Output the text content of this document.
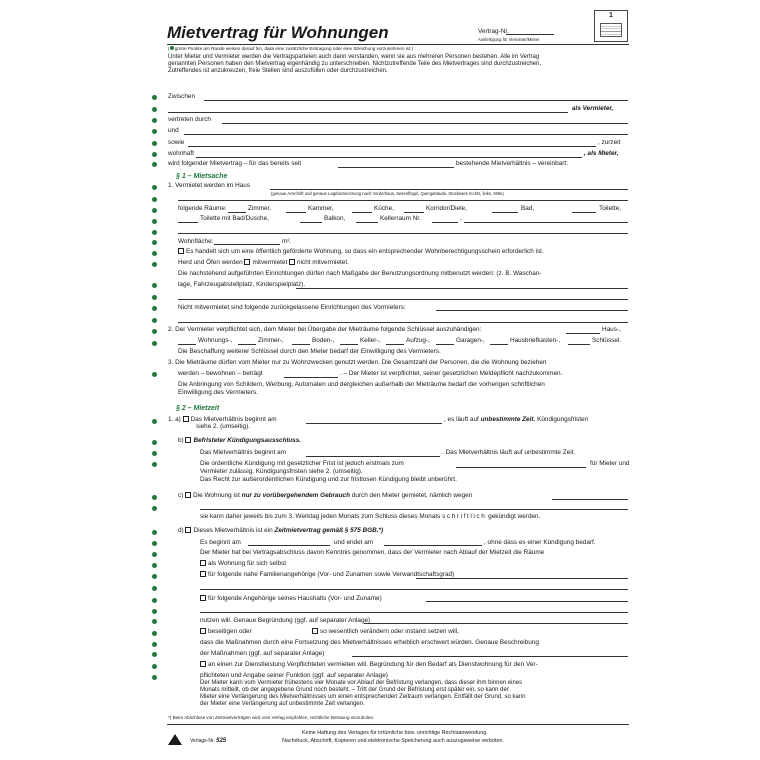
Mietvertrag für Wohnungen	Vertrag-Nr.
Ausfertigung für Vermieter/Mieter
1
( grüne Punkte am Rande weisen darauf hin, dass eine zusätzliche Eintragung oder eine Streichung vorzunehmen ist.)
Unter Mieter und Vermieter werden die Vertragsparteien auch dann verstanden, wenn sie aus mehreren Personen bestehen. Alle im Vertrag
genannten Personen haben den Mietvertrag eigenhändig zu unterschreiben. Nichtzutreffende Teile des Mietvertrages sind durchzustreichen,
Zutreffendes ist anzukreuzen, freie Stellen sind auszufüllen oder durchzustreichen.
Zwischen
als Vermieter,
vertreten durch
und
sowie	, zurzeit
wohnhaft	, als Mieter,
wird folgender Mietvertrag – für das bereits seit	bestehende Mietverhältnis – vereinbart:
§ 1 – Mietsache
1. Vermietet werden im Haus
(genaue Anschrift und genaue Lagebezeichnung nach Vorderhaus, Seitenflügel, Quergebäude, Stockwerk rechts, links, Mitte)
folgende Räume:	Zimmer,	Kammer,	Küche,	Korridor/Diele,	Bad,	Toilette,
Toilette mit Bad/Dusche,	Balkon,	Kellerraum Nr.	,
Wohnfläche:	m².
Es handelt sich um eine öffentlich geförderte Wohnung, so dass ein entsprechender Wohnberechtigungsschein erforderlich ist.
Herd und Öfen werden mitvermietet nicht mitvermietet.
Die nachstehend aufgeführten Einrichtungen dürfen nach Maßgabe der Benutzungsordnung mitbenutzt werden: (z. B. Waschan-
lage, Fahrzeugabstellplatz, Kinderspielplatz).
Nicht mitvermietet sind folgende zurückgelassene Einrichtungen des Vormieters:
2. Der Vermieter verpflichtet sich, dem Mieter bei Übergabe der Mieträume folgende Schlüssel auszuhändigen:	Haus-,
Wohnungs-,	Zimmer-,	Boden-,	Keller-,	Aufzug-,	Garagen-,	Hausbriefkasten-,	Schlüssel.
Die Beschaffung weiterer Schlüssel durch den Mieter bedarf der Einwilligung des Vermieters.
3. Die Mieträume dürfen vom Mieter nur zu Wohnzwecken genutzt werden. Die Gesamtzahl der Personen, die die Wohnung beziehen
werden – bewohnen – beträgt	. – Der Mieter ist verpflichtet, seiner gesetzlichen Meldepflicht nachzukommen.
Die Anbringung von Schildern, Werbung, Automaten und dergleichen außerhalb der Mieträume bedarf der vorherigen schriftlichen
Einwilligung des Vermieters.
§ 2 – Mietzeit
1. a) Das Mietverhältnis beginnt am	, es läuft auf unbestimmte Zeit. Kündigungsfristen
siehe 2. (umseitig).
b) Befristeter Kündigungsausschluss.
Das Mietverhältnis beginnt am	. Das Mietverhältnis läuft auf unbestimmte Zeit.
Die ordentliche Kündigung mit gesetzlicher Frist ist jedoch erstmals zum	für Mieter und
Vermieter zulässig. Kündigungsfristen siehe 2. (umseitig).
Das Recht zur außerordentlichen Kündigung und zur fristlosen Kündigung bleibt unberührt.
c) Die Wohnung ist nur zu vorübergehendem Gebrauch durch den Mieter gemietet, nämlich wegen
sie kann daher jeweils bis zum 3. Werktag jeden Monats zum Schluss dieses Monats schriftlich gekündigt werden.
d) Dieses Mietverhältnis ist ein Zeitmietvertrag gemäß § 575 BGB.*)
Es beginnt am	und endet am	, ohne dass es einer Kündigung bedarf.
Der Mieter hat bei Vertragsabschluss davon Kenntnis genommen, dass der Vermieter nach Ablauf der Mietzeit die Räume
als Wohnung für sich selbst
für folgende nahe Familienangehörige (Vor- und Zunamen sowie Verwandtschaftsgrad)
für folgende Angehörige seines Haushalts (Vor- und Zuname)
nutzen will. Genaue Begründung (ggf. auf separater Anlage)
beseitigen oder	so wesentlich verändern oder instand setzen will,
dass die Maßnahmen durch eine Fortsetzung des Mietverhältnisses erheblich erschwert würden. Genaue Beschreibung
der Maßnahmen (ggf. auf separater Anlage)
an einen zur Dienstleistung Verpflichteten vermieten will. Begründung für den Bedarf als Dienstwohnung für den Ver-
pflichteten und Angabe seiner Funktion (ggf. auf separater Anlage)
Der Mieter kann vom Vermieter frühestens vier Monate vor Ablauf der Befristung verlangen, dass dieser ihm binnen eines
Monats mitteilt, ob der angegebene Grund noch besteht. – Tritt der Grund der Befristung erst später ein, so kann der
Mieter eine Verlängerung des Mietverhältnisses um einen entsprechenden Zeitraum verlangen. Entfällt der Grund, so kann
der Mieter eine Verlängerung auf unbestimmte Zeit verlangen.
*) Beim Abschluss von Zeitmietverträgen wird vom Verlag empfohlen, rechtliche Beratung einzuholen.
Verlags-Nr. 525
Keine Haftung des Verlages für irrtümliche bzw. unrichtige Rechtsanwendung.
Nachdruck, Abschrift, Kopieren und elektronische Speicherung auch auszugsweise verboten.
